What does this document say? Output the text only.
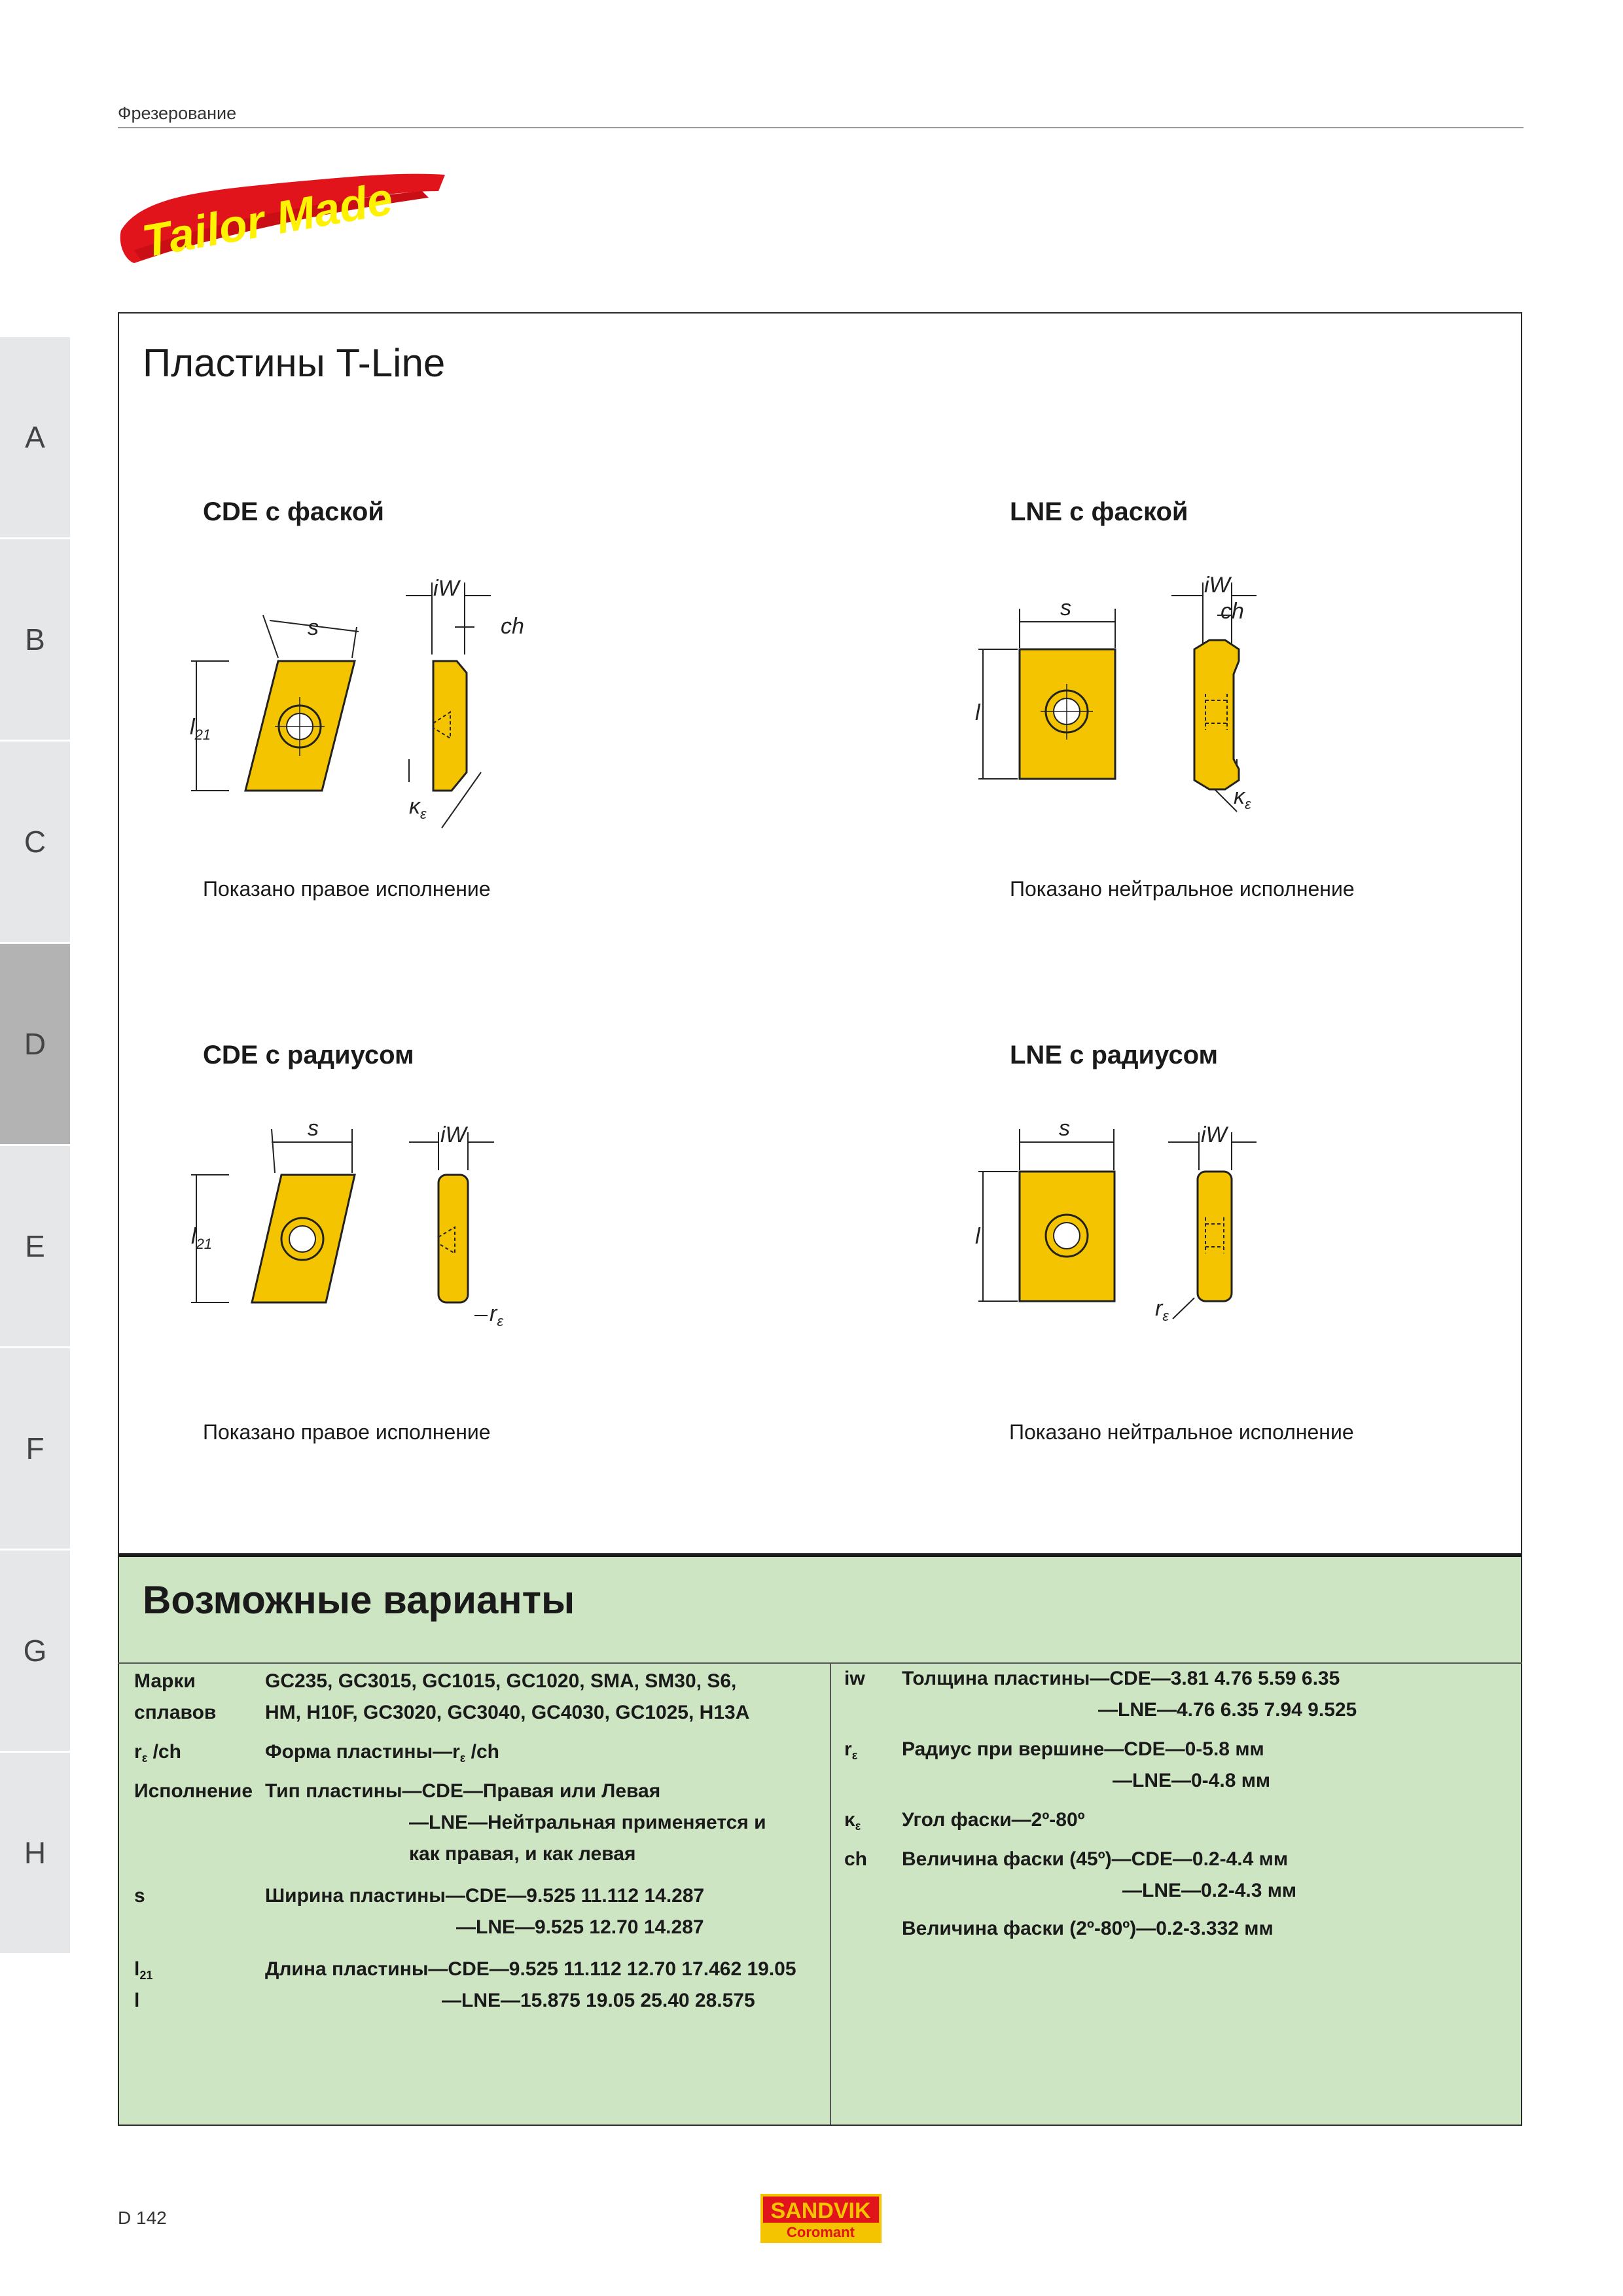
Фрезерование
Tailor Made
A
B
C
D
E
F
G
H
Пластины T-Line
CDE с фаской	LNE с фаской
CDE с радиусом	LNE с радиусом
Показано правое исполнение	Показано нейтральное исполнение
Показано правое исполнение	Показано нейтральное исполнение
s
$l_{21}$
iW
ch
$\kappa_\varepsilon$
s
l
iW
ch
$\kappa_\varepsilon$
s
$l_{21}$
iW
$r_\varepsilon$
s
l
iW
$r_\varepsilon$
Возможные варианты
Марки	GC235, GC3015, GC1015, GC1020, SMA, SM30, S6,
сплавов HM, H10F, GC3020, GC3040, GC4030, GC1025, H13A
$r_\varepsilon$ /ch	Форма $пластины—r_\varepsilon$ /ch
Исполнение Тип пластины—CDE—Правая или Левая
—LNE—Нейтральная применяется и
как правая, и как левая
s	Ширина пластины—CDE—9.525 11.112 14.287
—LNE—9.525 12.70 14.287
$l_{21}$	Длина пластины—CDE—9.525 11.112 12.70 17.462 19.05
l	—LNE—15.875 19.05 25.40 28.575
iw Толщина пластины—CDE—3.81 4.76 5.59 6.35
—LNE—4.76 6.35 7.94 9.525
$r_\varepsilon$ Радиус при вершине—CDE—0-5.8 мм
—LNE—0-4.8 мм
$\kappa_\varepsilon$ Угол фаски—2º-80º
ch Величина фаски (45º)—CDE—0.2-4.4 мм
—LNE—0.2-4.3 мм
Величина фаски (2º-80º)—0.2-3.332 мм
D 142	SANDVIK
Coromant
